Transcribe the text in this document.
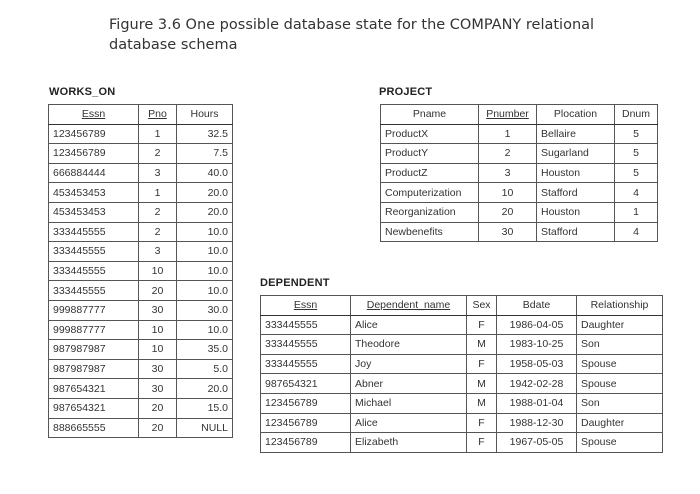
Figure 3.6 One possible database state for the COMPANY relational database schema
WORKS_ON
Essn	Pno	Hours
123456789	1	32.5
123456789	2	7.5
666884444	3	40.0
453453453	1	20.0
453453453	2	20.0
333445555	2	10.0
333445555	3	10.0
333445555	10	10.0
333445555	20	10.0
999887777	30	30.0
999887777	10	10.0
987987987	10	35.0
987987987	30	5.0
987654321	30	20.0
987654321	20	15.0
888665555	20	NULL
PROJECT
Pname	Pnumber	Plocation	Dnum
ProductX	1	Bellaire	5
ProductY	2	Sugarland	5
ProductZ	3	Houston	5
Computerization	10	Stafford	4
Reorganization	20	Houston	1
Newbenefits	30	Stafford	4
DEPENDENT
Essn	Dependent_name	Sex	Bdate	Relationship
333445555	Alice	F	1986-04-05	Daughter
333445555	Theodore	M	1983-10-25	Son
333445555	Joy	F	1958-05-03	Spouse
987654321	Abner	M	1942-02-28	Spouse
123456789	Michael	M	1988-01-04	Son
123456789	Alice	F	1988-12-30	Daughter
123456789	Elizabeth	F	1967-05-05	Spouse
